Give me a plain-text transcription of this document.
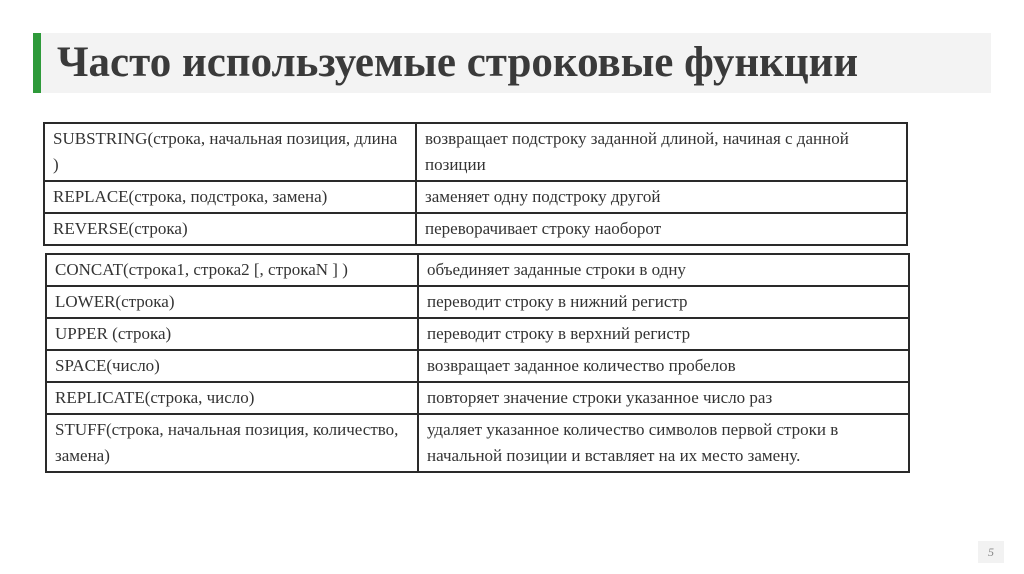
Часто используемые строковые функции
SUBSTRING(строка, начальная позиция, длина )	возвращает подстроку заданной длиной, начиная с данной позиции
REPLACE(строка, подстрока, замена)	заменяет одну подстроку другой
REVERSE(строка)	переворачивает строку наоборот
CONCAT(строка1, строка2 [, строкаN ] )	объединяет заданные строки в одну
LOWER(строка)	переводит строку в нижний регистр
UPPER (строка)	переводит строку в верхний регистр
SPACE(число)	возвращает заданное количество пробелов
REPLICATE(строка, число)	повторяет значение строки указанное число раз
STUFF(строка, начальная позиция, количество, замена)	удаляет указанное количество символов первой строки в начальной позиции и вставляет на их место замену.
5
